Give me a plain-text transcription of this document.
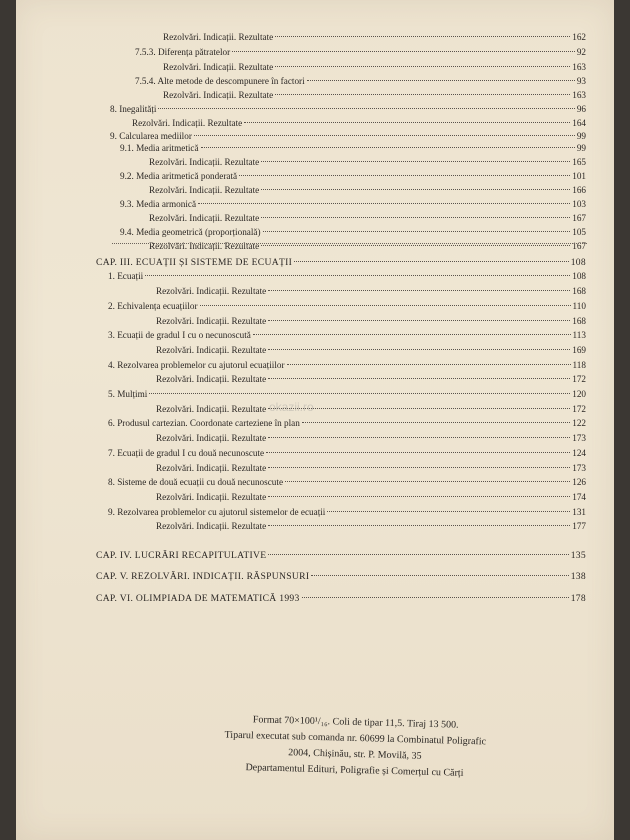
Rezolvări. Indicații. Rezultate	162
7.5.3. Diferența pătratelor	92
Rezolvări. Indicații. Rezultate	163
7.5.4. Alte metode de descompunere în factori	93
Rezolvări. Indicații. Rezultate	163
8. Inegalități	96
Rezolvări. Indicații. Rezultate	164
9. Calcularea mediilor	99
9.1. Media aritmetică	99
Rezolvări. Indicații. Rezultate	165
9.2. Media aritmetică ponderată	101
Rezolvări. Indicații. Rezultate	166
9.3. Media armonică	103
Rezolvări. Indicații. Rezultate	167
9.4. Media geometrică (proporțională)	105
Rezolvări. Indicații. Rezultate	167
CAP. III. ECUAȚII ȘI SISTEME DE ECUAȚII	108
1. Ecuații	108
Rezolvări. Indicații. Rezultate	168
2. Echivalența ecuațiilor	110
Rezolvări. Indicații. Rezultate	168
3. Ecuații de gradul I cu o necunoscută	113
Rezolvări. Indicații. Rezultate	169
4. Rezolvarea problemelor cu ajutorul ecuațiilor	118
Rezolvări. Indicații. Rezultate	172
5. Mulțimi	120
Rezolvări. Indicații. Rezultate	172
6. Produsul cartezian. Coordonate carteziene în plan	122
Rezolvări. Indicații. Rezultate	173
7. Ecuații de gradul I cu două necunoscute	124
Rezolvări. Indicații. Rezultate	173
8. Sisteme de două ecuații cu două necunoscute	126
Rezolvări. Indicații. Rezultate	174
9. Rezolvarea problemelor cu ajutorul sistemelor de ecuații	131
Rezolvări. Indicații. Rezultate	177
CAP. IV. LUCRĂRI RECAPITULATIVE	135
CAP. V. REZOLVĂRI. INDICAȚII. RĂSPUNSURI	138
CAP. VI. OLIMPIADA DE MATEMATICĂ 1993	178
okazii.ro
Format 70×100¹/₁₆. Coli de tipar 11,5. Tiraj 13 500.
Tiparul executat sub comanda nr. 60699 la Combinatul Poligrafic
2004, Chișinău, str. P. Movilă, 35
Departamentul Edituri, Poligrafie și Comerțul cu Cărți
